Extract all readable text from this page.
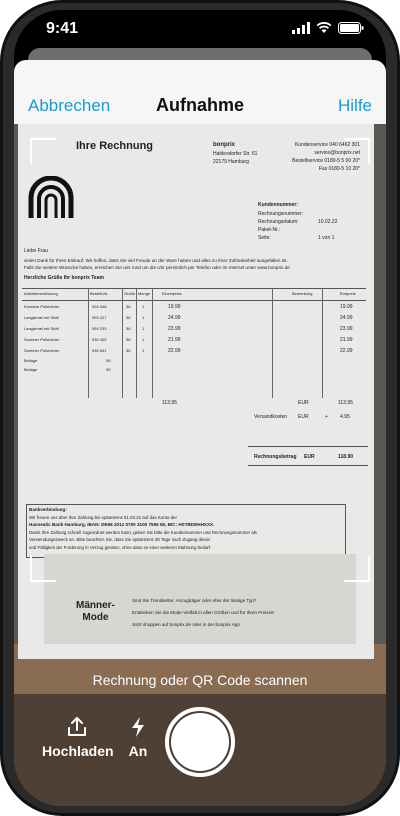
9:41
Abbrechen	Aufnahme	Hilfe
Ihre Rechnung	bonprix
Haldesdorfer Str. 61
22179 Hamburg
Kundenservice 040 6462 301
service@bonprix.net
Bestellservice 0180-5 5 00 20*
Fax 0180-5 10 20*
Kundennummer:
Rechnungsnummer:
Rechnungsdatum:	10.02.22
Paket-Nr.:
Seite:	1 von 1
Liebe Frau
vielen Dank für Ihren Einkauf. Wir hoffen, dass Sie viel Freude an der Ware haben und alles zu Ihrer Zufriedenheit ausgefallen ist.
Falls Sie weitere Wünsche haben, erreichen Sie uns rund um die Uhr persönlich per Telefon oder im Internet unter www.bonprix.de
Herzliche Grüße Ihr bonprix Team
Artikelbezeichnung	Bestell-Nr.	Größe Menge	Einzelpreis	Bemerkung	Endpreis
Kurzarm Pulloveder	926 348	36	1	19.99	19.99
Langärmel mit Stoff	959 227	36	1	24.99	24.99
Langärmel mit Stoff	959 233	36	1	23.99	23.99
Sommer Pulloveder	930 405	36	1	21.99	21.99
Sommer Pulloveder	930 541	36	1	22.99	22.99
Beilage	59
Beilage	59
113.95	EUR	113.95
Versandkosten EUR	+ 4.95
Rechnungsbetrag EUR	118.90
Bankverbindung:
Wir freuen uns über Ihre Zahlung bis spätestens 01.03.22 auf das Konto der
Hanseatic Bank Hamburg, IBAN: DE68 2012 0700 3100 7555 55, BIC: HSTBDEHHXXX.
Damit Ihre Zahlung schnell zugeordnet werden kann, geben Sie bitte die Kundennummer und Rechnungsnummer als
Verwendungszweck an. Bitte beachten Sie, dass Sie spätestens 30 Tage nach Zugang dieser
und Fälligkeit der Forderung in Verzug geraten, ohne dass es einer weiteren Mahnung bedarf.
Männer-
Mode
Sind Sie Trendsetter, Anzugträger oder eher der lässige Typ?
Entdecken Sie die Mode-Vielfalt in allen Größen und für Ihren Freizeit-
Jetzt shoppen auf bonprix.de oder in der bonprix App
Rechnung oder QR Code scannen
Hochladen	An
